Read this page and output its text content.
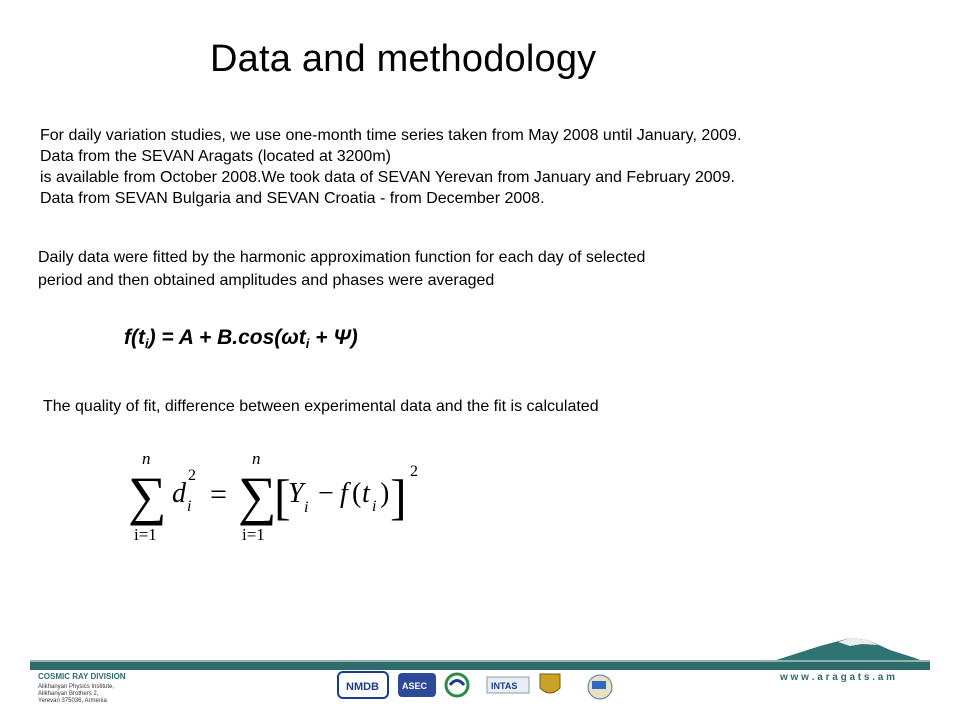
Data and methodology
For daily variation studies, we use one-month time series taken from May 2008 until January, 2009.
Data from the SEVAN Aragats (located at 3200m)
is available from October 2008.We took data of SEVAN Yerevan from January and February 2009.
Data from SEVAN Bulgaria and SEVAN Croatia - from December 2008.
Daily data were fitted by the harmonic approximation function for each day of selected
period and then obtained amplitudes and phases were averaged
$f(t_i) = A + B.\cos(\omega t_i + \Psi)$
The quality of fit, difference between experimental data and the fit is calculated
n
∑
i=1
d
2
i =
n
∑
i=1
[
Y i − f ( t i ) ] 2
COSMIC RAY DIVISION
Alikhanyan Physics Institute,
Alikhanyan Brothers 2,
Yerevan 375036, Armenia
w w w . a r a g a t s . a m
NMDB	ASEC	INTAS
